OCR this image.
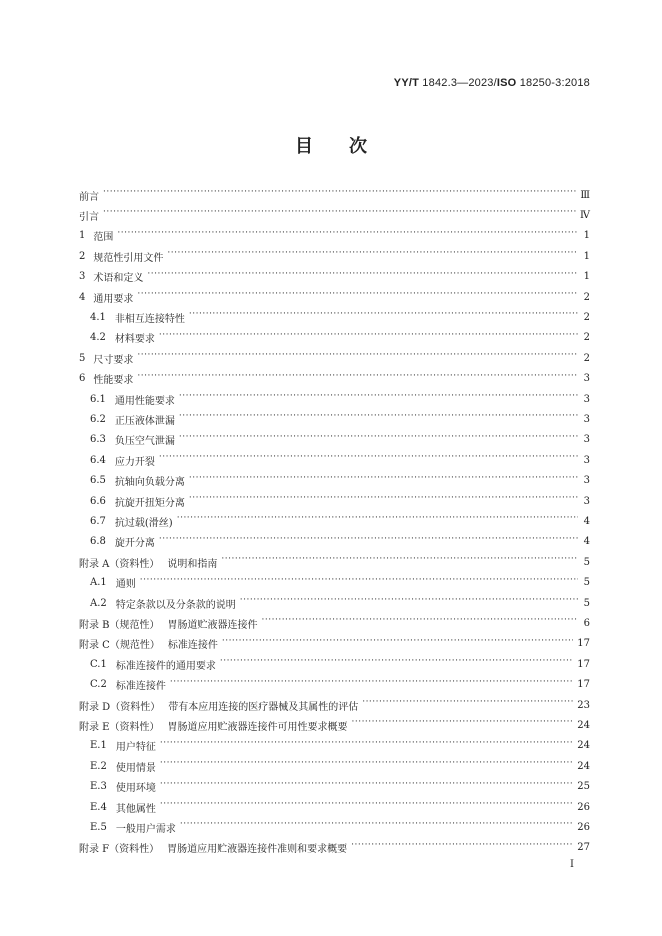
YY/T 1842.3—2023/ISO 18250-3:2018
目次
前言 ·····	Ⅲ
引言 ·····	Ⅳ
1 范围 ·····	1
2 规范性引用文件 ·····	1
3 术语和定义 ·····	1
4 通用要求 ·····	2
4.1 非相互连接特性 ·····	2
4.2 材料要求 ·····	2
5 尺寸要求 ·····	2
6 性能要求 ·····	3
6.1 通用性能要求 ·····	3
6.2 正压液体泄漏 ·····	3
6.3 负压空气泄漏 ·····	3
6.4 应力开裂 ·····	3
6.5 抗轴向负载分离 ·····	3
6.6 抗旋开扭矩分离 ·····	3
6.7 抗过载(滑丝) ·····	4
6.8 旋开分离 ·····	4
附录 A（资料性） 说明和指南 ·····	5
A.1 通则 ·····	5
A.2 特定条款以及分条款的说明 ·····	5
附录 B（规范性） 胃肠道贮液器连接件 ·····	6
附录 C（规范性） 标准连接件 ·····	17
C.1 标准连接件的通用要求 ·····	17
C.2 标准连接件 ·····	17
附录 D（资料性） 带有本应用连接的医疗器械及其属性的评估 ·····	23
附录 E（资料性） 胃肠道应用贮液器连接件可用性要求概要 ·····	24
E.1 用户特征 ·····	24
E.2 使用情景 ·····	24
E.3 使用环境 ·····	25
E.4 其他属性 ·····	26
E.5 一般用户需求 ·····	26
附录 F（资料性） 胃肠道应用贮液器连接件准则和要求概要 ·····	27
Ⅰ
